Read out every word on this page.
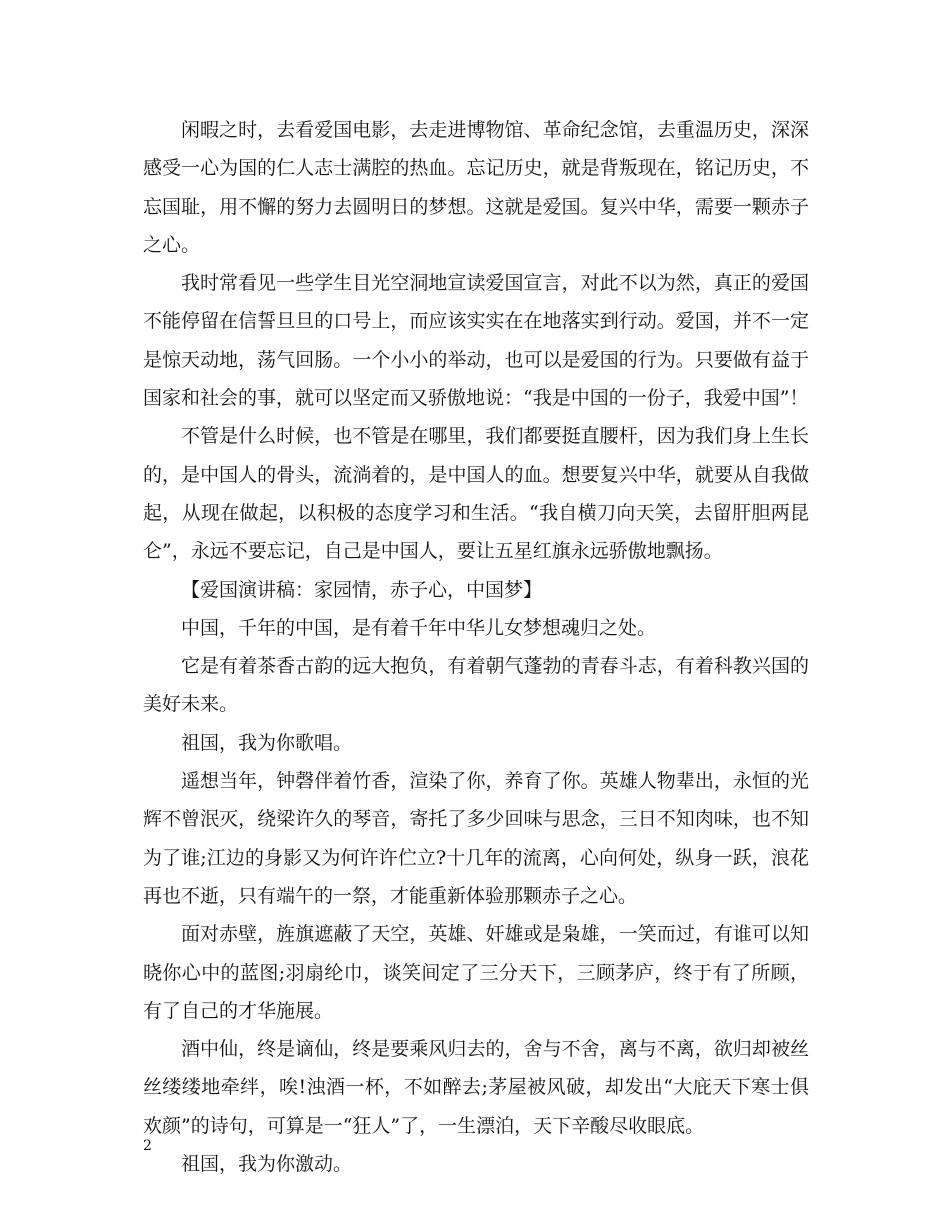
闲暇之时，去看爱国电影，去走进博物馆、革命纪念馆，去重温历史，深深感受一心为国的仁人志士满腔的热血。忘记历史，就是背叛现在，铭记历史，不忘国耻，用不懈的努力去圆明日的梦想。这就是爱国。复兴中华，需要一颗赤子之心。

我时常看见一些学生目光空洞地宣读爱国宣言，对此不以为然，真正的爱国不能停留在信誓旦旦的口号上，而应该实实在在地落实到行动。爱国，并不一定是惊天动地，荡气回肠。一个小小的举动，也可以是爱国的行为。只要做有益于国家和社会的事，就可以坚定而又骄傲地说：“我是中国的一份子，我爱中国”！

不管是什么时候，也不管是在哪里，我们都要挺直腰杆，因为我们身上生长的，是中国人的骨头，流淌着的，是中国人的血。想要复兴中华，就要从自我做起，从现在做起，以积极的态度学习和生活。“我自横刀向天笑，去留肝胆两昆仑”，永远不要忘记，自己是中国人，要让五星红旗永远骄傲地飘扬。

【爱国演讲稿：家园情，赤子心，中国梦】

中国，千年的中国，是有着千年中华儿女梦想魂归之处。

它是有着茶香古韵的远大抱负，有着朝气蓬勃的青春斗志，有着科教兴国的美好未来。

祖国，我为你歌唱。

遥想当年，钟磬伴着竹香，渲染了你，养育了你。英雄人物辈出，永恒的光辉不曾泯灭，绕梁许久的琴音，寄托了多少回味与思念，三日不知肉味，也不知为了谁;江边的身影又为何许许伫立?十几年的流离，心向何处，纵身一跃，浪花再也不逝，只有端午的一祭，才能重新体验那颗赤子之心。

面对赤壁，旌旗遮蔽了天空，英雄、奸雄或是枭雄，一笑而过，有谁可以知晓你心中的蓝图;羽扇纶巾，谈笑间定了三分天下，三顾茅庐，终于有了所顾，有了自己的才华施展。

酒中仙，终是谪仙，终是要乘风归去的，舍与不舍，离与不离，欲归却被丝丝缕缕地牵绊，唉!浊酒一杯，不如醉去;茅屋被风破，却发出“大庇天下寒士俱欢颜”的诗句，可算是一“狂人”了，一生漂泊，天下辛酸尽收眼底。

祖国，我为你激动。

2
